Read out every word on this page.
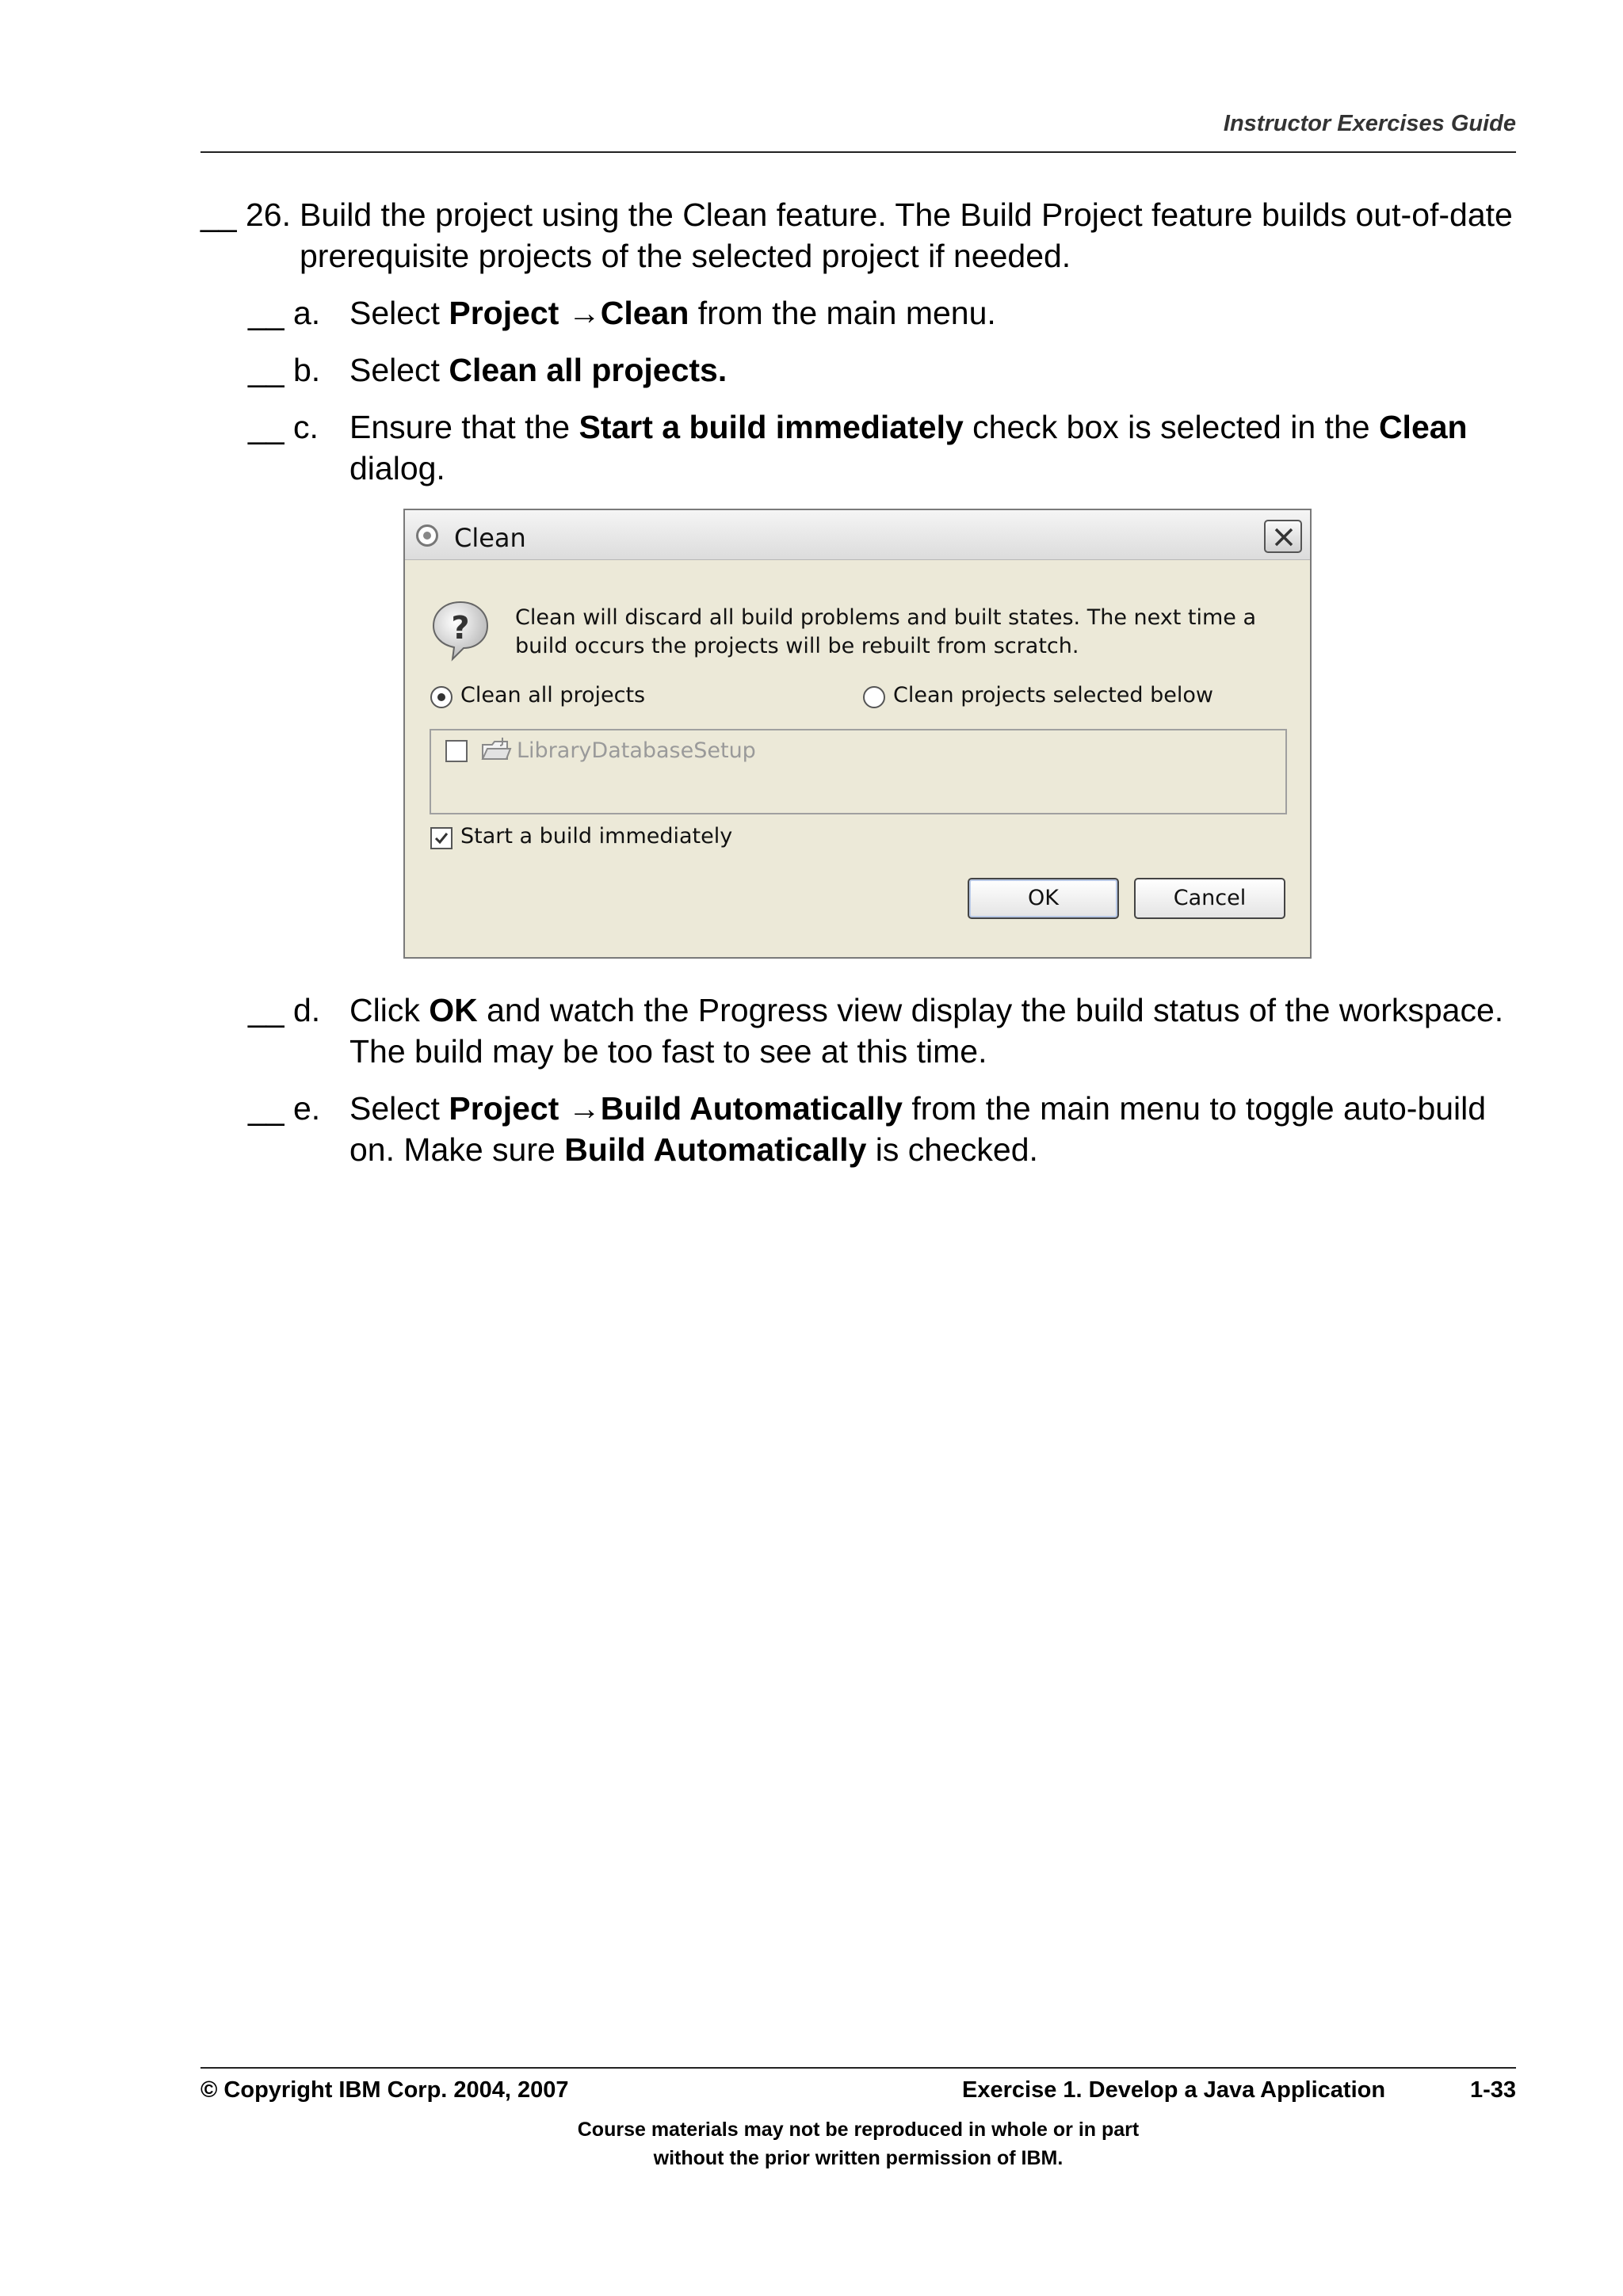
Instructor Exercises Guide
__ 26. Build the project using the Clean feature. The Build Project feature builds out-of-date prerequisite projects of the selected project if needed.
__ a. Select Project →Clean from the main menu.
__ b. Select Clean all projects.
__ c. Ensure that the Start a build immediately check box is selected in the Clean dialog.
Clean
? Clean will discard all build problems and built states. The next time a build occurs the projects will be rebuilt from scratch.
Clean all projects	Clean projects selected below
LibraryDatabaseSetup
Start a build immediately
OK	Cancel
__ d. Click OK and watch the Progress view display the build status of the workspace. The build may be too fast to see at this time.
__ e. Select Project →Build Automatically from the main menu to toggle auto-build on. Make sure Build Automatically is checked.
© Copyright IBM Corp. 2004, 2007	Exercise 1. Develop a Java Application	1-33
Course materials may not be reproduced in whole or in part
without the prior written permission of IBM.
